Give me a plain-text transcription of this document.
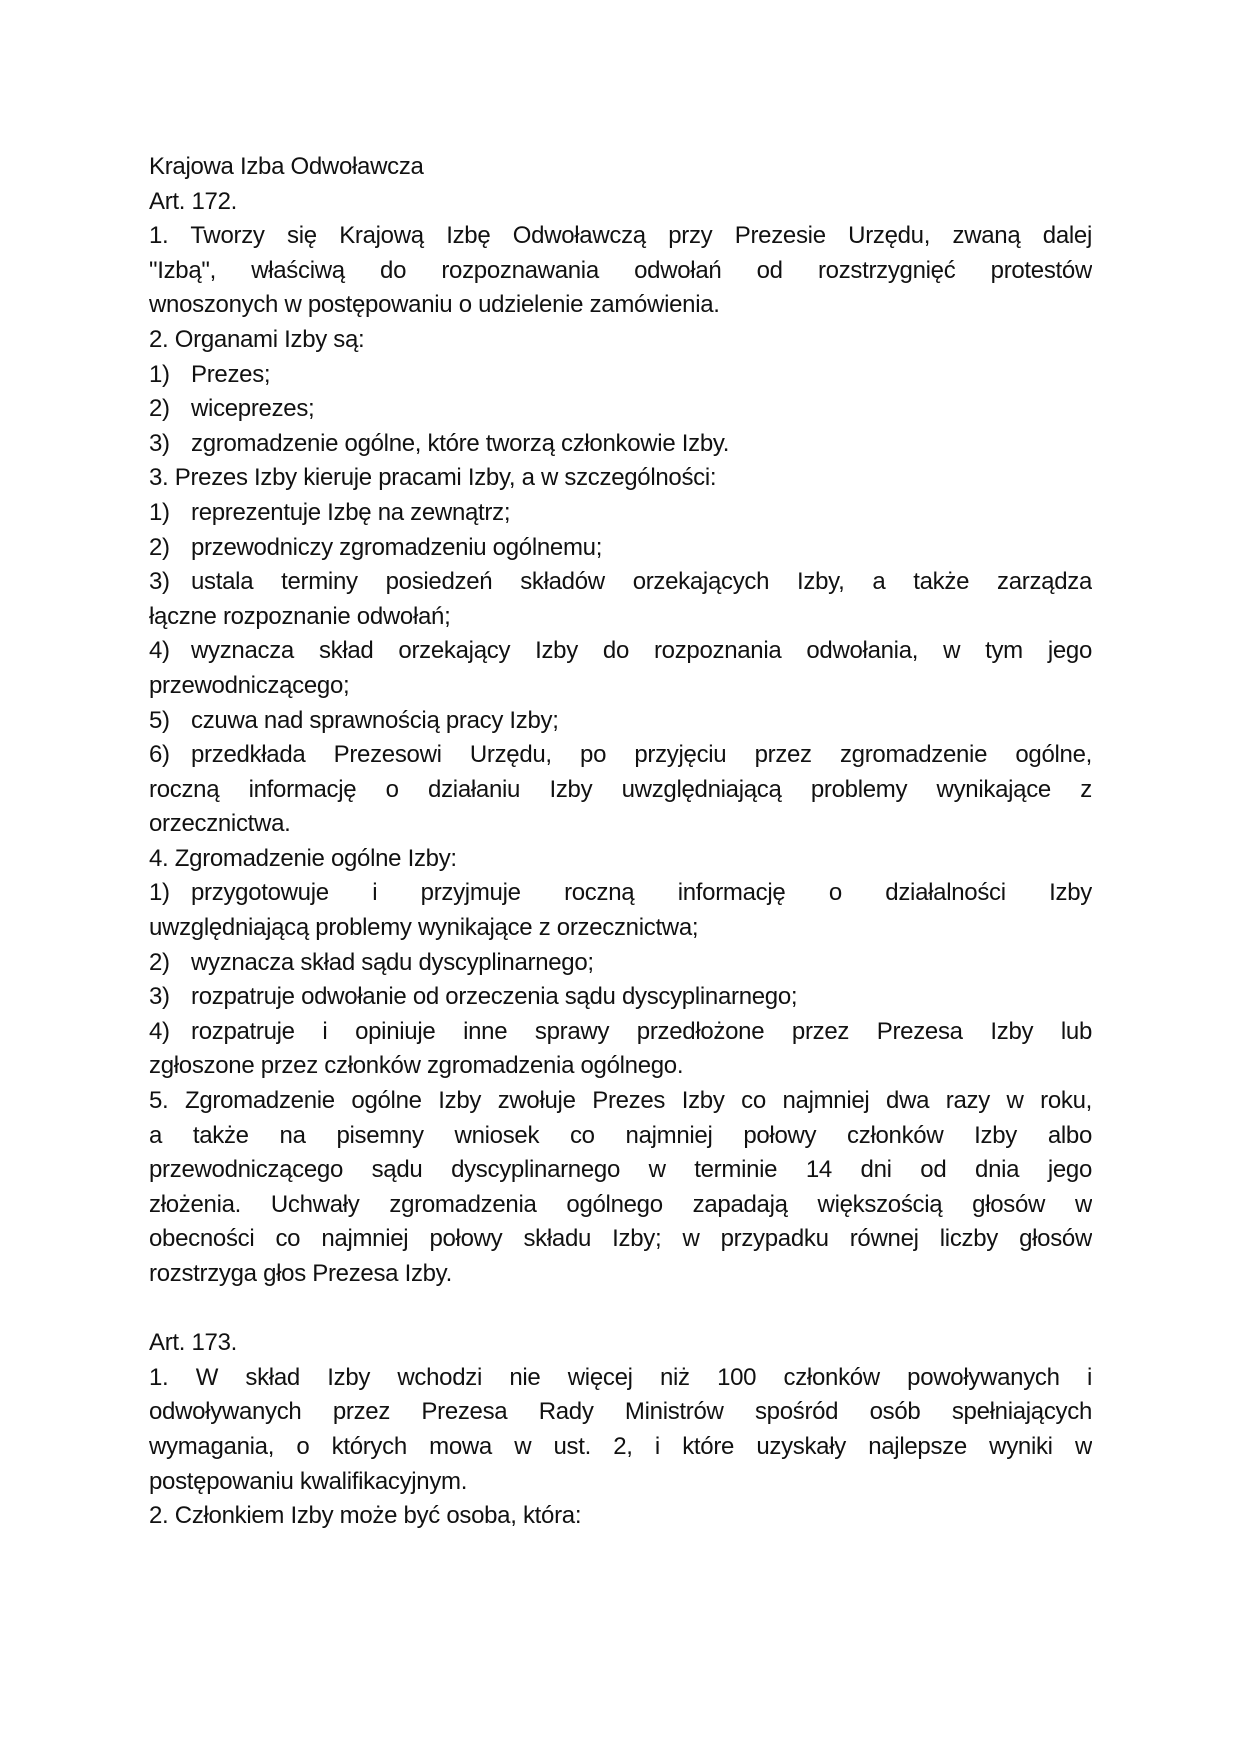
Krajowa Izba Odwoławcza
Art. 172.
1. Tworzy się Krajową Izbę Odwoławczą przy Prezesie Urzędu, zwaną dalej
"Izbą", właściwą do rozpoznawania odwołań od rozstrzygnięć protestów
wnoszonych w postępowaniu o udzielenie zamówienia.
2. Organami Izby są:
1) Prezes;
2) wiceprezes;
3) zgromadzenie ogólne, które tworzą członkowie Izby.
3. Prezes Izby kieruje pracami Izby, a w szczególności:
1) reprezentuje Izbę na zewnątrz;
2) przewodniczy zgromadzeniu ogólnemu;
3) ustala terminy posiedzeń składów orzekających Izby, a także zarządza
łączne rozpoznanie odwołań;
4) wyznacza skład orzekający Izby do rozpoznania odwołania, w tym jego
przewodniczącego;
5) czuwa nad sprawnością pracy Izby;
6) przedkłada Prezesowi Urzędu, po przyjęciu przez zgromadzenie ogólne,
roczną informację o działaniu Izby uwzględniającą problemy wynikające z
orzecznictwa.
4. Zgromadzenie ogólne Izby:
1) przygotowuje i przyjmuje roczną informację o działalności Izby
uwzględniającą problemy wynikające z orzecznictwa;
2) wyznacza skład sądu dyscyplinarnego;
3) rozpatruje odwołanie od orzeczenia sądu dyscyplinarnego;
4) rozpatruje i opiniuje inne sprawy przedłożone przez Prezesa Izby lub
zgłoszone przez członków zgromadzenia ogólnego.
5. Zgromadzenie ogólne Izby zwołuje Prezes Izby co najmniej dwa razy w roku,
a także na pisemny wniosek co najmniej połowy członków Izby albo
przewodniczącego sądu dyscyplinarnego w terminie 14 dni od dnia jego
złożenia. Uchwały zgromadzenia ogólnego zapadają większością głosów w
obecności co najmniej połowy składu Izby; w przypadku równej liczby głosów
rozstrzyga głos Prezesa Izby.
Art. 173.
1. W skład Izby wchodzi nie więcej niż 100 członków powoływanych i
odwoływanych przez Prezesa Rady Ministrów spośród osób spełniających
wymagania, o których mowa w ust. 2, i które uzyskały najlepsze wyniki w
postępowaniu kwalifikacyjnym.
2. Członkiem Izby może być osoba, która:
